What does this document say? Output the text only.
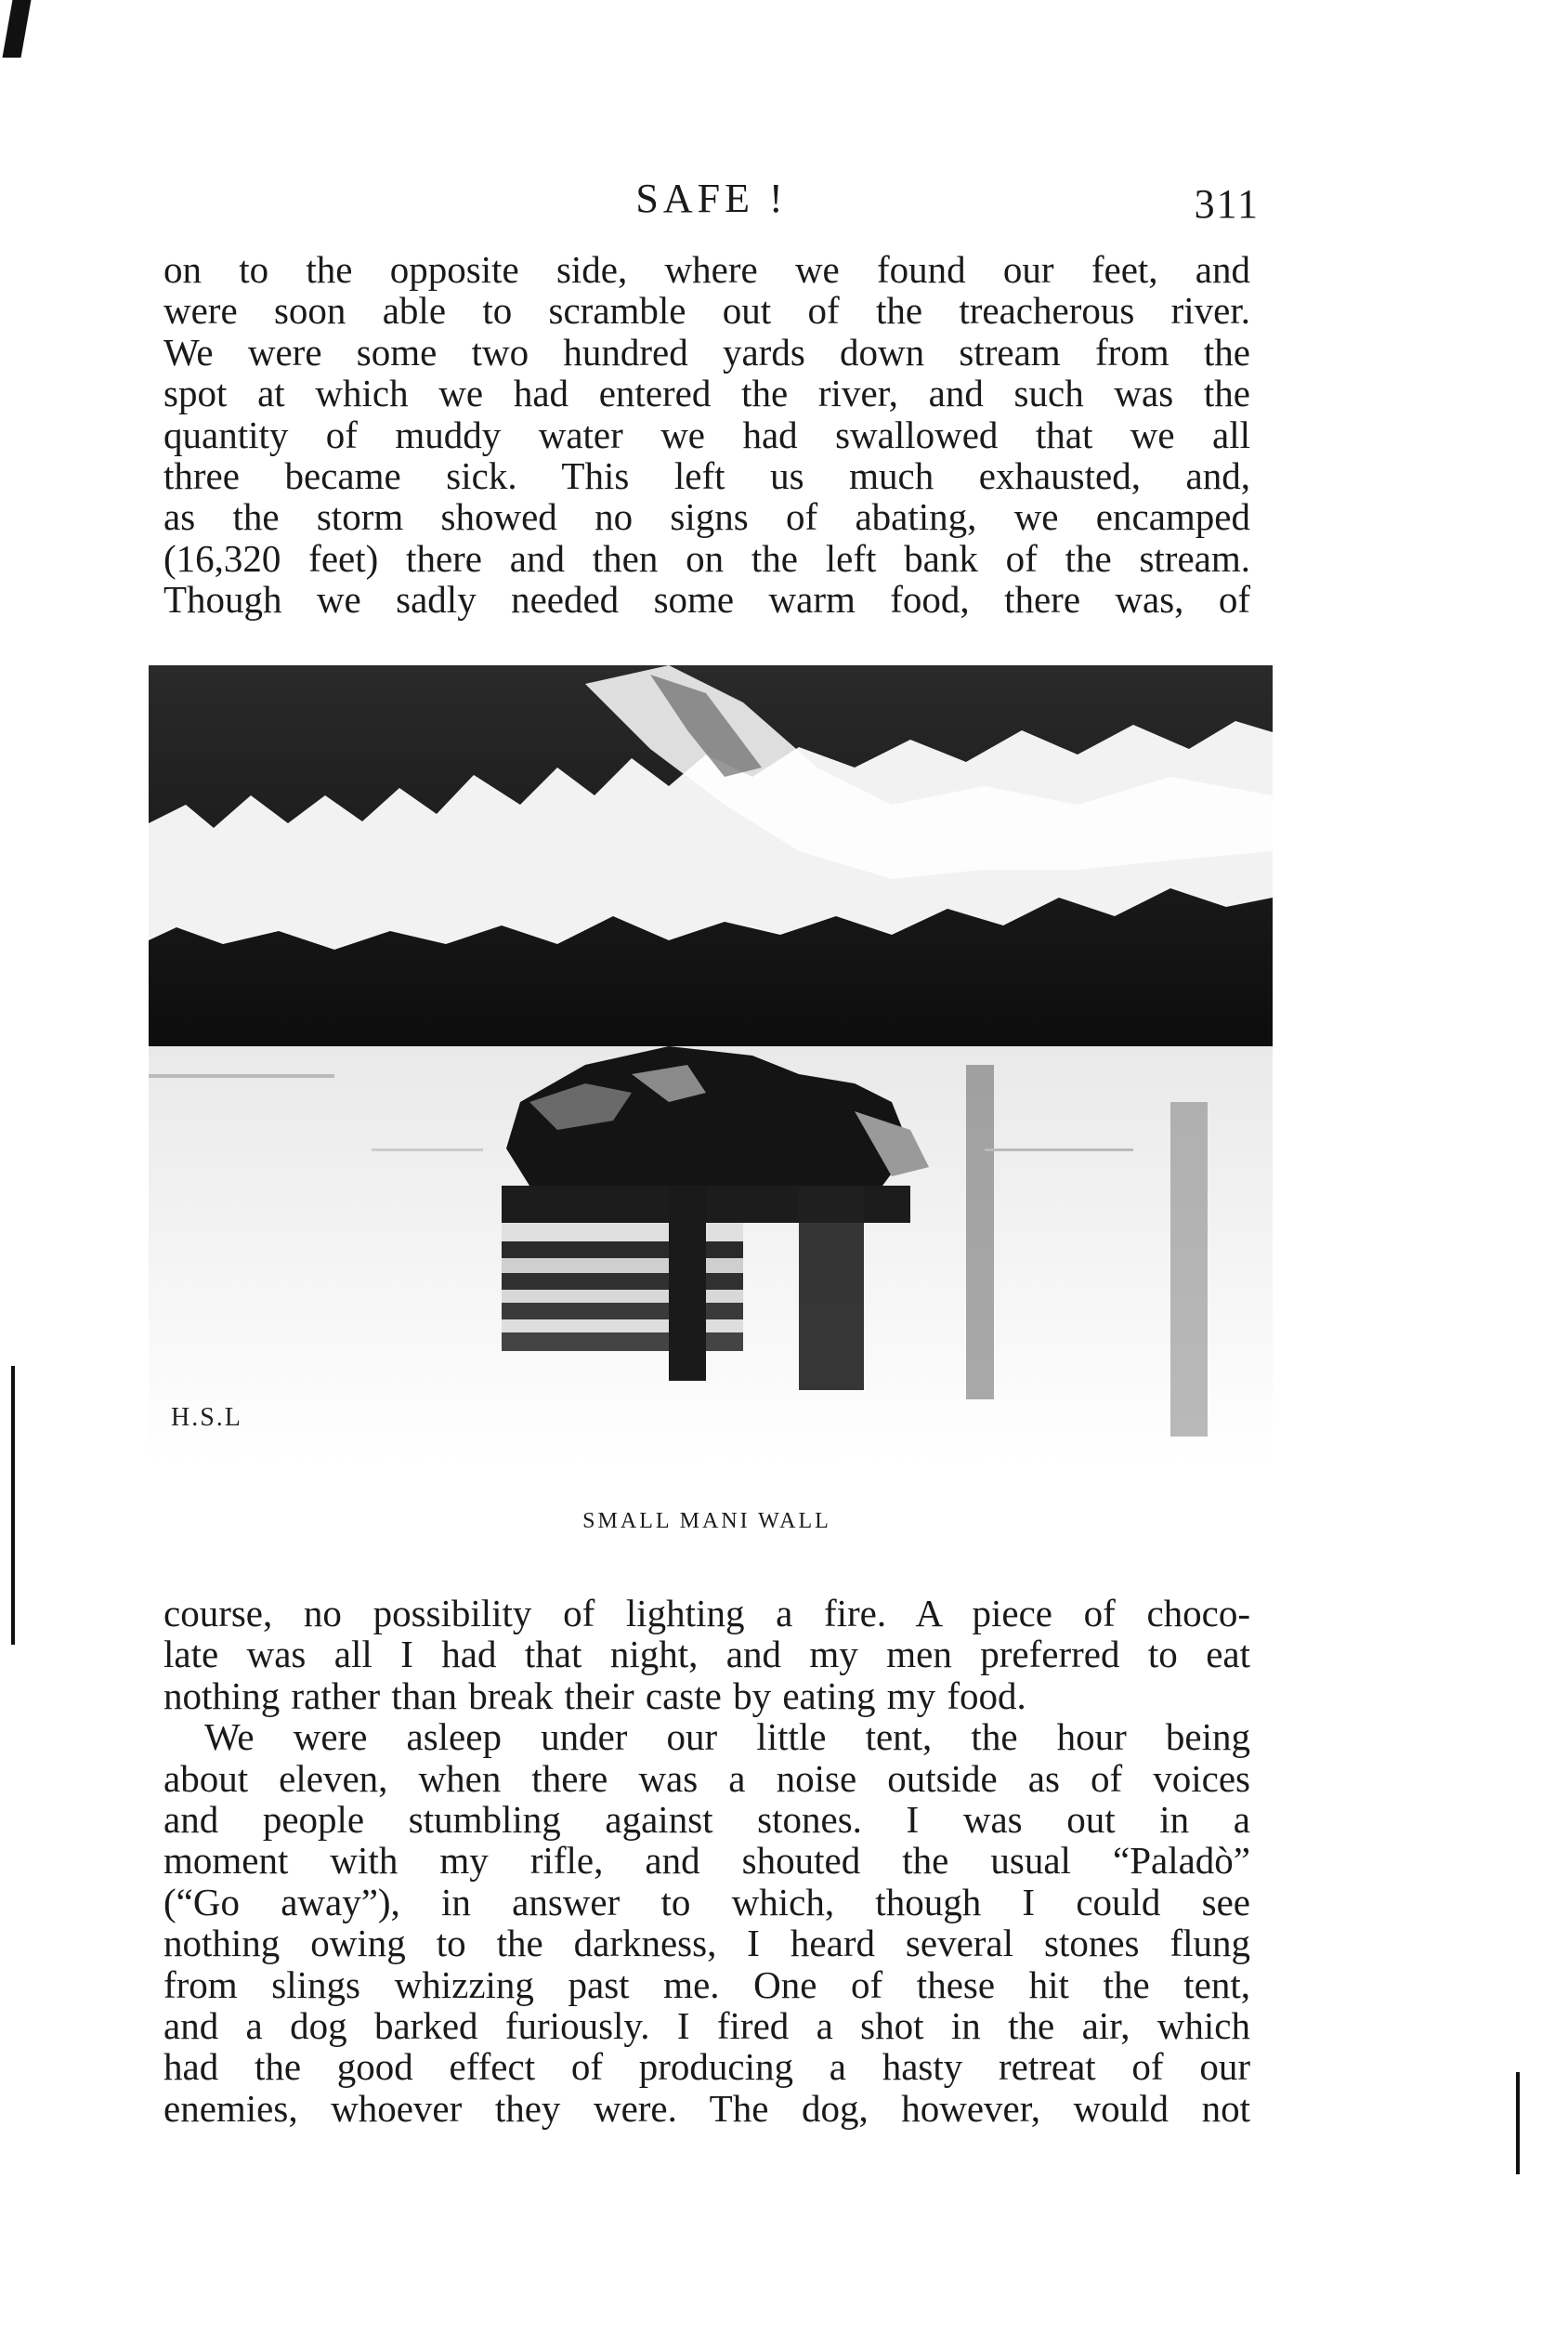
SAFE !	311

on to the opposite side, where we found our feet, and
were soon able to scramble out of the treacherous river.
We were some two hundred yards down stream from the
spot at which we had entered the river, and such was the
quantity of muddy water we had swallowed that we all
three became sick. This left us much exhausted, and,
as the storm showed no signs of abating, we encamped
(16,320 feet) there and then on the left bank of the stream.
Though we sadly needed some warm food, there was, of

H.S.L
SMALL MANI WALL

course, no possibility of lighting a fire. A piece of choco-
late was all I had that night, and my men preferred to eat
nothing rather than break their caste by eating my food.

We were asleep under our little tent, the hour being
about eleven, when there was a noise outside as of voices
and people stumbling against stones. I was out in a
moment with my rifle, and shouted the usual “Paladò”
(“Go away”), in answer to which, though I could see
nothing owing to the darkness, I heard several stones flung
from slings whizzing past me. One of these hit the tent,
and a dog barked furiously. I fired a shot in the air, which
had the good effect of producing a hasty retreat of our
enemies, whoever they were. The dog, however, would not
